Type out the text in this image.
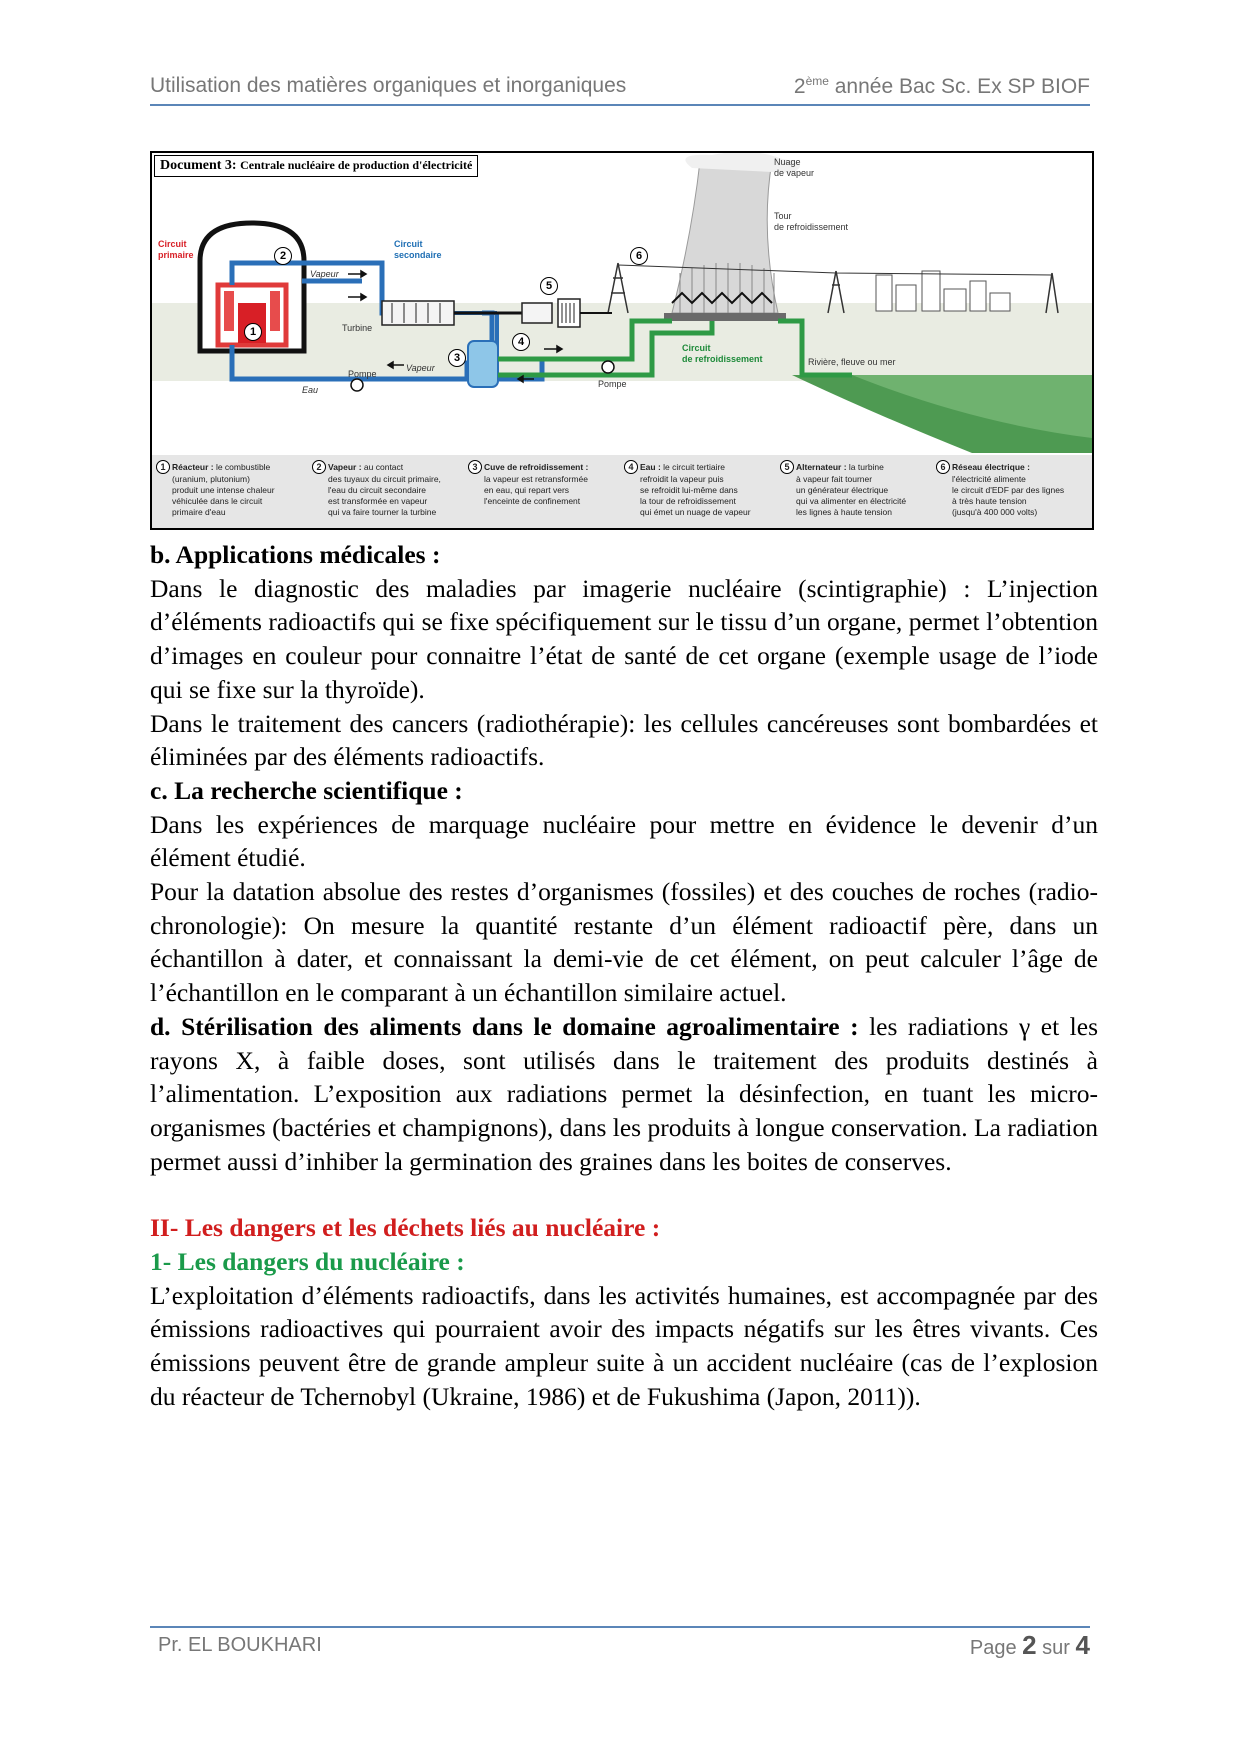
Utilisation des matières organiques et inorganiques	2ème année Bac Sc. Ex SP BIOF
Document 3: Centrale nucléaire de production d'électricité	Nuage
de vapeur
Tour
de refroidissement
Circuit
primaire
Circuit
secondaire
Vapeur
Turbine
Vapeur
Eau
Pompe
Pompe
Circuit
de refroidissement	Rivière, fleuve ou mer
1
2
3
4
5
6
1 Réacteur : le combustible
(uranium, plutonium)
produit une intense chaleur
véhiculée dans le circuit
primaire d'eau
2 Vapeur : au contact
des tuyaux du circuit primaire,
l'eau du circuit secondaire
est transformée en vapeur
qui va faire tourner la turbine
3 Cuve de refroidissement :
la vapeur est retransformée
en eau, qui repart vers
l'enceinte de confinement
4 Eau : le circuit tertiaire
refroidit la vapeur puis
se refroidit lui-même dans
la tour de refroidissement
qui émet un nuage de vapeur
5 Alternateur : la turbine
à vapeur fait tourner
un générateur électrique
qui va alimenter en électricité
les lignes à haute tension
6 Réseau électrique :
l'électricité alimente
le circuit d'EDF par des lignes
à très haute tension
(jusqu'à 400 000 volts)

b. Applications médicales :

Dans le diagnostic des maladies par imagerie nucléaire (scintigraphie) : L’injection d’éléments radioactifs qui se fixe spécifiquement sur le tissu d’un organe, permet l’obtention d’images en couleur pour connaitre l’état de santé de cet organe (exemple usage de l’iode qui se fixe sur la thyroïde).

Dans le traitement des cancers (radiothérapie): les cellules cancéreuses sont bombardées et éliminées par des éléments radioactifs.

c. La recherche scientifique :

Dans les expériences de marquage nucléaire pour mettre en évidence le devenir d’un élément étudié.

Pour la datation absolue des restes d’organismes (fossiles) et des couches de roches (radio-chronologie): On mesure la quantité restante d’un élément radioactif père, dans un échantillon à dater, et connaissant la demi-vie de cet élément, on peut calculer l’âge de l’échantillon en le comparant à un échantillon similaire actuel.

d. Stérilisation des aliments dans le domaine agroalimentaire : les radiations γ et les rayons X, à faible doses, sont utilisés dans le traitement des produits destinés à l’alimentation. L’exposition aux radiations permet la désinfection, en tuant les micro-organismes (bactéries et champignons), dans les produits à longue conservation. La radiation permet aussi d’inhiber la germination des graines dans les boites de conserves.

II- Les dangers et les déchets liés au nucléaire :

1- Les dangers du nucléaire :

L’exploitation d’éléments radioactifs, dans les activités humaines, est accompagnée par des émissions radioactives qui pourraient avoir des impacts négatifs sur les êtres vivants. Ces émissions peuvent être de grande ampleur suite à un accident nucléaire (cas de l’explosion du réacteur de Tchernobyl (Ukraine, 1986) et de Fukushima (Japon, 2011)).

Pr. EL BOUKHARI	Page 2 sur 4
